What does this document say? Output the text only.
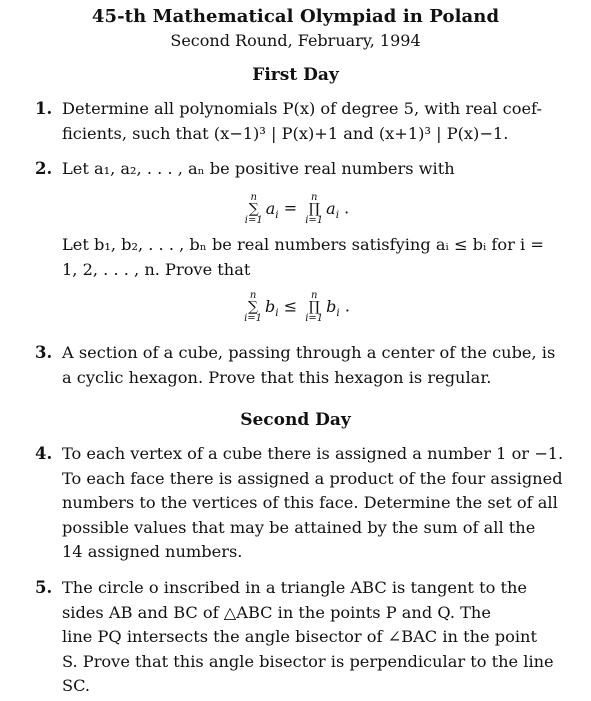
45-th Mathematical Olympiad in Poland
Second Round, February, 1994
First Day
1. Determine all polynomials P(x) of degree 5, with real coef-
ficients, such that (x−1)³ | P(x)+1 and (x+1)³ | P(x)−1.
2. Let a₁, a₂, . . . , aₙ be positive real numbers with
n
∑
i=1
$a_i$ =
n
∏
i=1
$a_i$ .
Let b₁, b₂, . . . , bₙ be real numbers satisfying aᵢ ≤ bᵢ for i =
1, 2, . . . , n. Prove that
n
∑
i=1
$b_i$ ≤
n
∏
i=1
$b_i$ .
3. A section of a cube, passing through a center of the cube, is
a cyclic hexagon. Prove that this hexagon is regular.
Second Day
4. To each vertex of a cube there is assigned a number 1 or −1.
To each face there is assigned a product of the four assigned
numbers to the vertices of this face. Determine the set of all
possible values that may be attained by the sum of all the
14 assigned numbers.
5. The circle o inscribed in a triangle ABC is tangent to the
sides AB and BC of △ABC in the points P and Q. The
line PQ intersects the angle bisector of ∠BAC in the point
S. Prove that this angle bisector is perpendicular to the line
SC.
